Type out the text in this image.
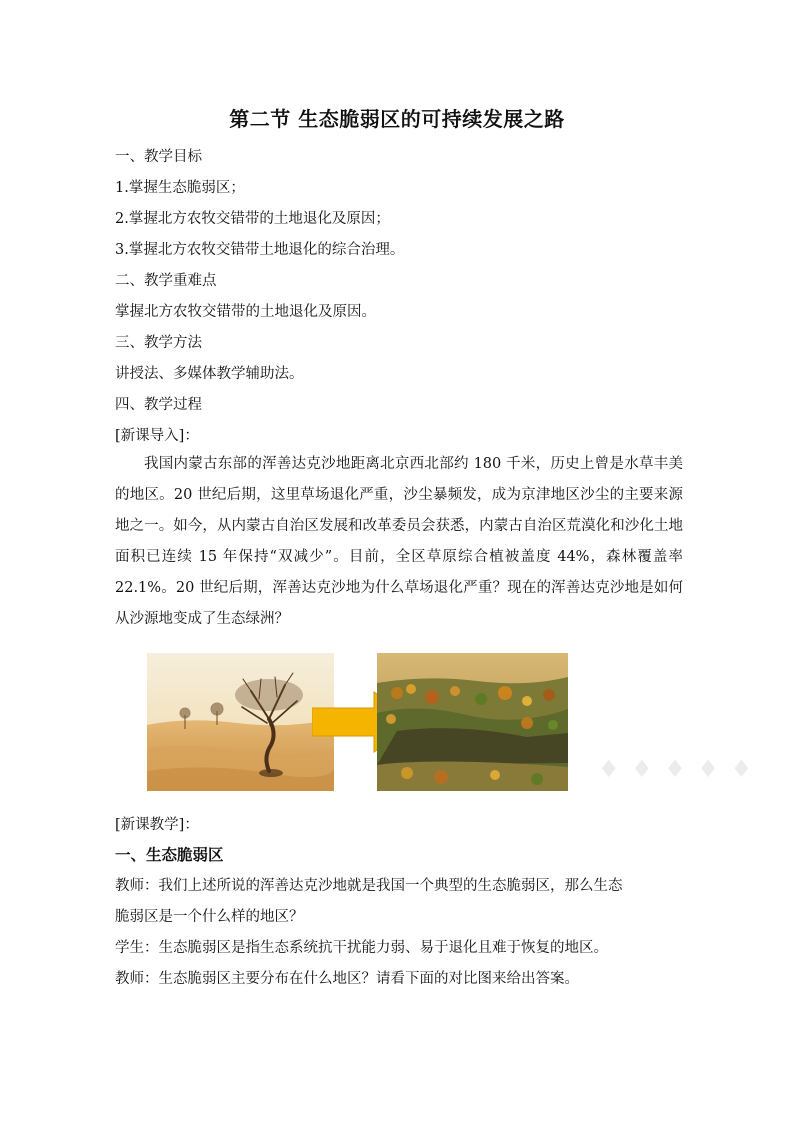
第二节 生态脆弱区的可持续发展之路
一、教学目标
1.掌握生态脆弱区；
2.掌握北方农牧交错带的土地退化及原因；
3.掌握北方农牧交错带土地退化的综合治理。
二、教学重难点
掌握北方农牧交错带的土地退化及原因。
三、教学方法
讲授法、多媒体教学辅助法。
四、教学过程
[新课导入]：
我国内蒙古东部的浑善达克沙地距离北京西北部约 180 千米，历史上曾是水草丰美的地区。20 世纪后期，这里草场退化严重，沙尘暴频发，成为京津地区沙尘的主要来源地之一。如今，从内蒙古自治区发展和改革委员会获悉，内蒙古自治区荒漠化和沙化土地面积已连续 15 年保持“双减少”。目前，全区草原综合植被盖度 44%，森林覆盖率 22.1%。20 世纪后期，浑善达克沙地为什么草场退化严重？现在的浑善达克沙地是如何从沙源地变成了生态绿洲？
♦ ♦ ♦ ♦ ♦
[新课教学]：
一、生态脆弱区
教师：我们上述所说的浑善达克沙地就是我国一个典型的生态脆弱区，那么生态
脆弱区是一个什么样的地区？
学生：生态脆弱区是指生态系统抗干扰能力弱、易于退化且难于恢复的地区。
教师：生态脆弱区主要分布在什么地区？请看下面的对比图来给出答案。
